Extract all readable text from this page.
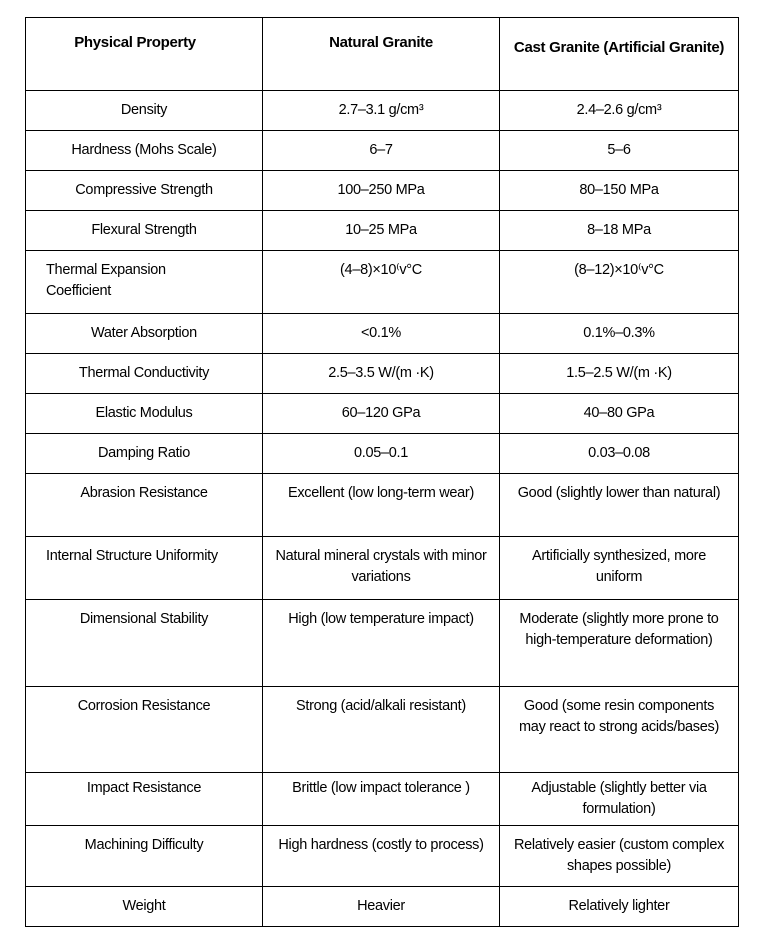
Physical Property	Natural Granite	Cast Granite (Artificial Granite)

Density	2.7–3.1 g/cm³	2.4–2.6 g/cm³

Hardness (Mohs Scale)	6–7	5–6

Compressive Strength	100–250 MPa	80–150 MPa

Flexural Strength	10–25 MPa	8–18 MPa

Thermal Expansion Coefficient	(4–8)×10⁽v°C	(8–12)×10⁽v°C

Water Absorption	<0.1%	0.1%–0.3%

Thermal Conductivity	2.5–3.5 W/(m ·K)	1.5–2.5 W/(m ·K)

Elastic Modulus	60–120 GPa	40–80 GPa

Damping Ratio	0.05–0.1	0.03–0.08

Abrasion Resistance	Excellent (low long-term wear)	Good (slightly lower than natural)

Internal Structure Uniformity	Natural mineral crystals with minor variations	Artificially synthesized, more uniform

Dimensional Stability	High (low temperature impact)	Moderate (slightly more prone to high-temperature deformation)

Corrosion Resistance	Strong (acid/alkali resistant)	Good (some resin components may react to strong acids/bases)

Impact Resistance	Brittle (low impact tolerance )	Adjustable (slightly better via formulation)

Machining Difficulty	High hardness (costly to process)	Relatively easier (custom complex shapes possible)

Weight	Heavier	Relatively lighter
